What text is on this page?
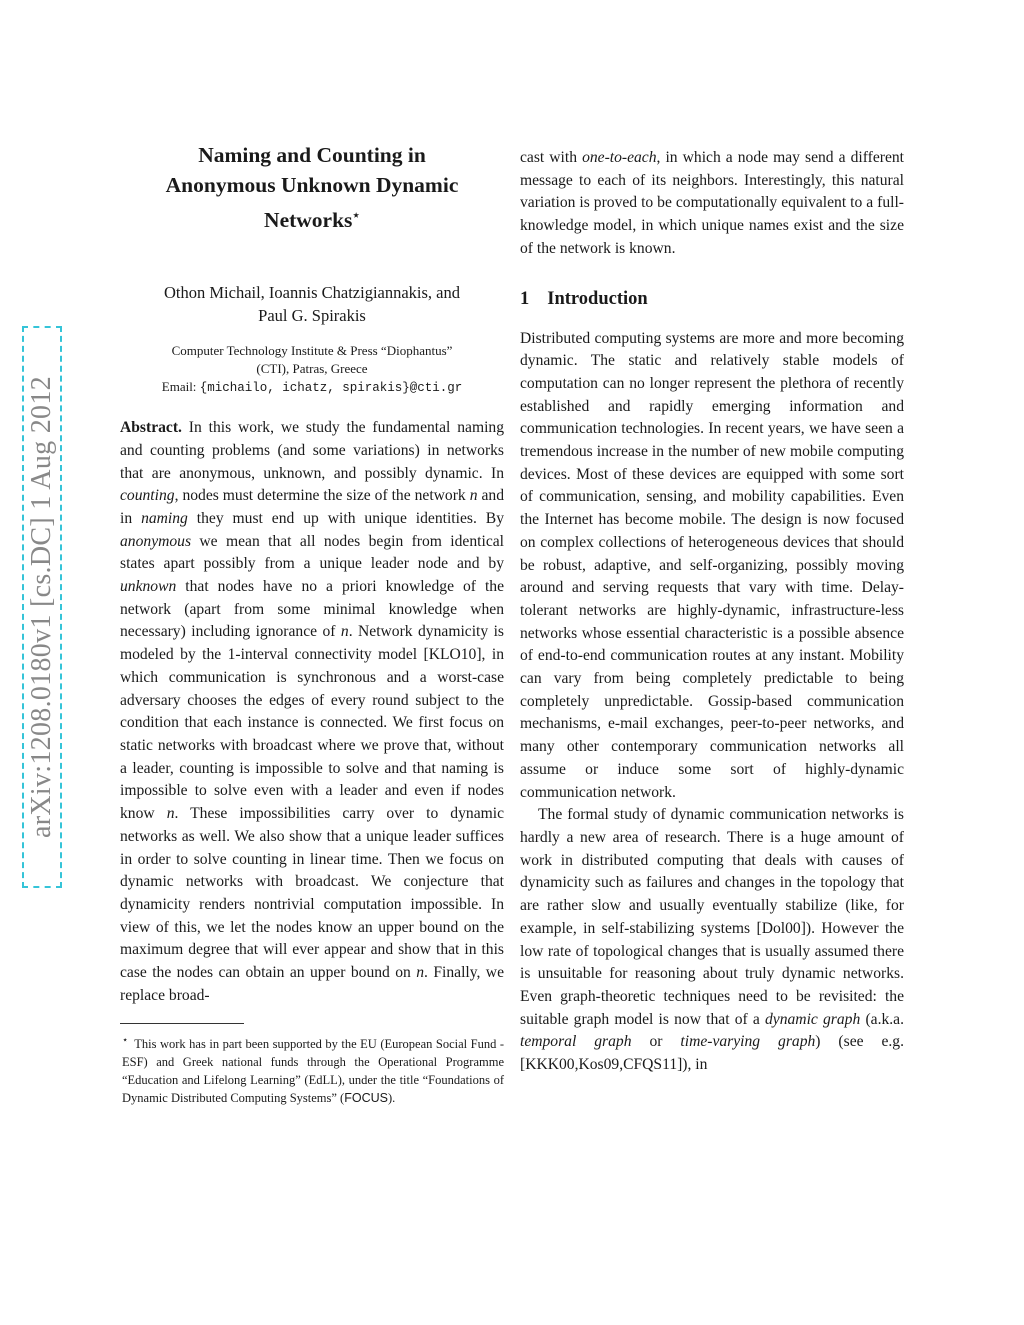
arXiv:1208.0180v1 [cs.DC] 1 Aug 2012
Naming and Counting in
Anonymous Unknown Dynamic
Networks⋆
Othon Michail, Ioannis Chatzigiannakis, and
Paul G. Spirakis
Computer Technology Institute & Press “Diophantus”
(CTI), Patras, Greece
Email: {michailo, ichatz, spirakis}@cti.gr

Abstract. In this work, we study the fundamental naming and counting problems (and some variations) in networks that are anonymous, unknown, and possibly dynamic. In counting, nodes must determine the size of the network n and in naming they must end up with unique identities. By anonymous we mean that all nodes begin from identical states apart possibly from a unique leader node and by unknown that nodes have no a priori knowledge of the network (apart from some minimal knowledge when necessary) including ignorance of n. Network dynamicity is modeled by the 1-interval connectivity model [KLO10], in which communication is synchronous and a worst-case adversary chooses the edges of every round subject to the condition that each instance is connected. We first focus on static networks with broadcast where we prove that, without a leader, counting is impossible to solve and that naming is impossible to solve even with a leader and even if nodes know n. These impossibilities carry over to dynamic networks as well. We also show that a unique leader suffices in order to solve counting in linear time. Then we focus on dynamic networks with broadcast. We conjecture that dynamicity renders nontrivial computation impossible. In view of this, we let the nodes know an upper bound on the maximum degree that will ever appear and show that in this case the nodes can obtain an upper bound on n. Finally, we replace broad-

⋆ This work has in part been supported by the EU (European Social Fund - ESF) and Greek national funds through the Operational Programme “Education and Lifelong Learning” (EdLL), under the title “Foundations of Dynamic Distributed Computing Systems” (FOCUS).

cast with one-to-each, in which a node may send a different message to each of its neighbors. Interestingly, this natural variation is proved to be computationally equivalent to a full-knowledge model, in which unique names exist and the size of the network is known.

1 Introduction

Distributed computing systems are more and more becoming dynamic. The static and relatively stable models of computation can no longer represent the plethora of recently established and rapidly emerging information and communication technologies. In recent years, we have seen a tremendous increase in the number of new mobile computing devices. Most of these devices are equipped with some sort of communication, sensing, and mobility capabilities. Even the Internet has become mobile. The design is now focused on complex collections of heterogeneous devices that should be robust, adaptive, and self-organizing, possibly moving around and serving requests that vary with time. Delay-tolerant networks are highly-dynamic, infrastructure-less networks whose essential characteristic is a possible absence of end-to-end communication routes at any instant. Mobility can vary from being completely predictable to being completely unpredictable. Gossip-based communication mechanisms, e-mail exchanges, peer-to-peer networks, and many other contemporary communication networks all assume or induce some sort of highly-dynamic communication network.

The formal study of dynamic communication networks is hardly a new area of research. There is a huge amount of work in distributed computing that deals with causes of dynamicity such as failures and changes in the topology that are rather slow and usually eventually stabilize (like, for example, in self-stabilizing systems [Dol00]). However the low rate of topological changes that is usually assumed there is unsuitable for reasoning about truly dynamic networks. Even graph-theoretic techniques need to be revisited: the suitable graph model is now that of a dynamic graph (a.k.a. temporal graph or time-varying graph) (see e.g. [KKK00,Kos09,CFQS11]), in
